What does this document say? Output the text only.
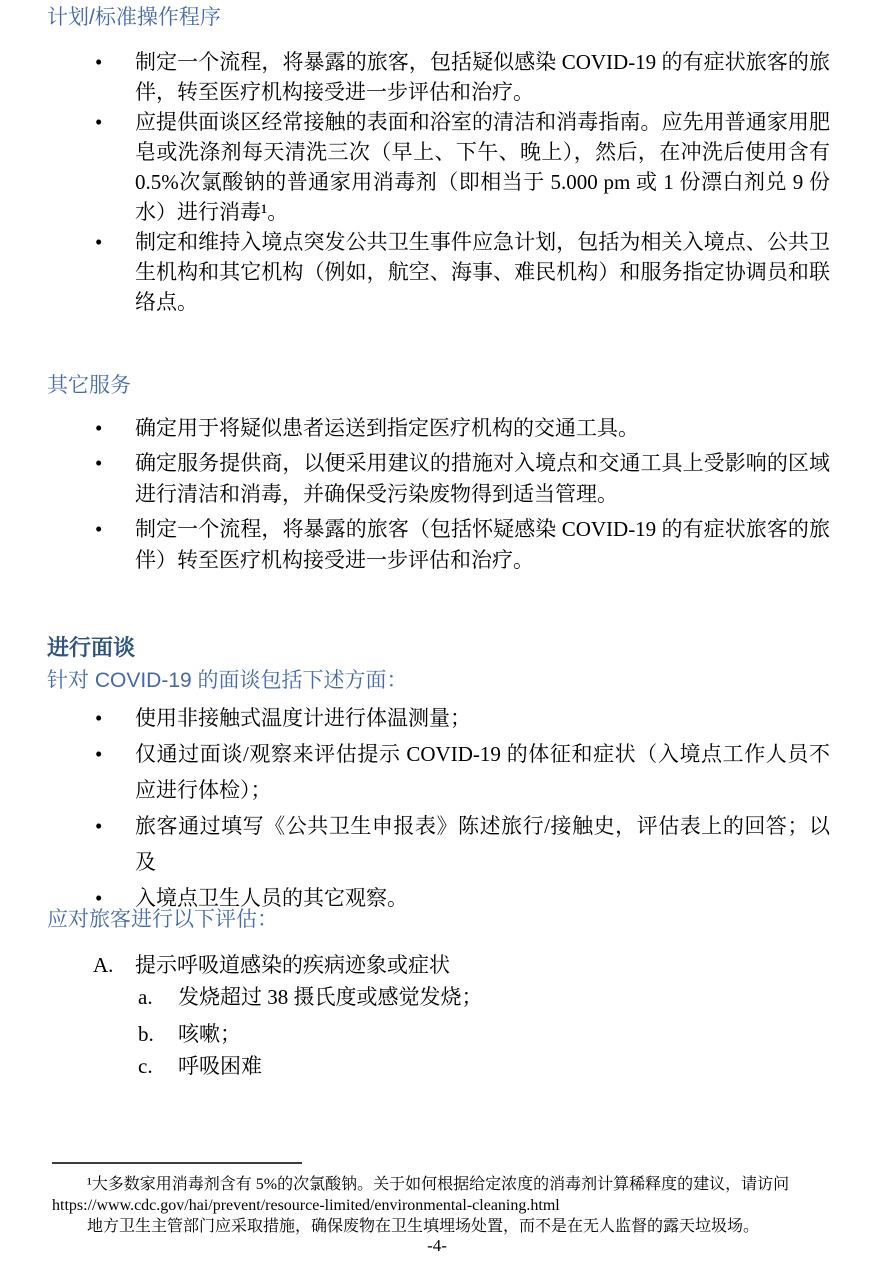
计划/标准操作程序
• 制定一个流程，将暴露的旅客，包括疑似感染 COVID-19 的有症状旅客的旅伴，转至医疗机构接受进一步评估和治疗。
• 应提供面谈区经常接触的表面和浴室的清洁和消毒指南。应先用普通家用肥皂或洗涤剂每天清洗三次（早上、下午、晚上），然后，在冲洗后使用含有 0.5%次氯酸钠的普通家用消毒剂（即相当于 5.000 pm 或 1 份漂白剂兑 9 份水）进行消毒¹。
• 制定和维持入境点突发公共卫生事件应急计划，包括为相关入境点、公共卫生机构和其它机构（例如，航空、海事、难民机构）和服务指定协调员和联络点。
其它服务
• 确定用于将疑似患者运送到指定医疗机构的交通工具。
• 确定服务提供商，以便采用建议的措施对入境点和交通工具上受影响的区域进行清洁和消毒，并确保受污染废物得到适当管理。
• 制定一个流程，将暴露的旅客（包括怀疑感染 COVID-19 的有症状旅客的旅伴）转至医疗机构接受进一步评估和治疗。
进行面谈
针对 COVID-19 的面谈包括下述方面：
• 使用非接触式温度计进行体温测量；
• 仅通过面谈/观察来评估提示 COVID-19 的体征和症状（入境点工作人员不应进行体检）；
• 旅客通过填写《公共卫生申报表》陈述旅行/接触史，评估表上的回答；以及
• 入境点卫生人员的其它观察。
应对旅客进行以下评估：
A. 提示呼吸道感染的疾病迹象或症状
a. 发烧超过 38 摄氏度或感觉发烧；
b. 咳嗽；
c. 呼吸困难
¹大多数家用消毒剂含有 5%的次氯酸钠。关于如何根据给定浓度的消毒剂计算稀释度的建议，请访问
https://www.cdc.gov/hai/prevent/resource-limited/environmental-cleaning.html
地方卫生主管部门应采取措施，确保废物在卫生填埋场处置，而不是在无人监督的露天垃圾场。
-4-
